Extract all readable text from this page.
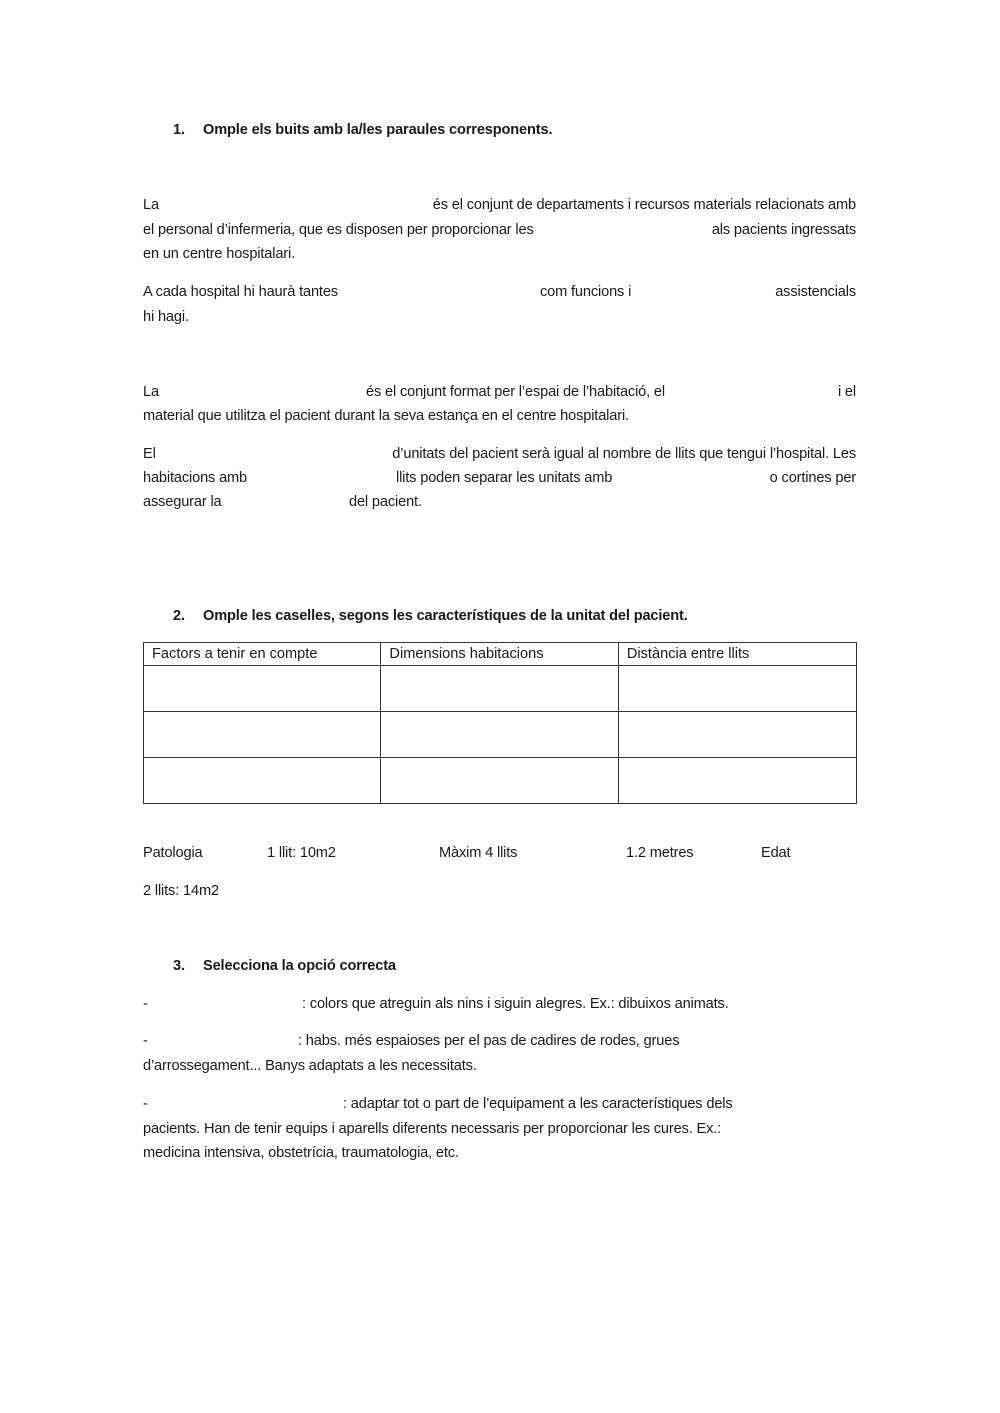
1. Omple els buits amb la/les paraules corresponents.
La	és el conjunt de departaments i recursos materials relacionats amb
el personal d’infermeria, que es disposen per proporcionar les	als pacients ingressats
en un centre hospitalari.
A cada hospital hi haurà tantes	com funcions i	assistencials
hi hagi.
La	és el conjunt format per l’espai de l’habitació, el	i el
material que utilitza el pacient durant la seva estança en el centre hospitalari.
El	d’unitats del pacient serà igual al nombre de llits que tengui l’hospital. Les
habitacions amb	llits poden separar les unitats amb	o cortines per
assegurar la	del pacient.
2. Omple les caselles, segons les característiques de la unitat del pacient.
Factors a tenir en compte	Dimensions habitacions	Distància entre llits

Patologia	1 llit: 10m2	Màxim 4 llits	1.2 metres	Edat
2 llits: 14m2
3. Selecciona la opció correcta
-	: colors que atreguin als nins i siguin alegres. Ex.: dibuixos animats.
-	: habs. més espaioses per el pas de cadires de rodes, grues
d’arrossegament... Banys adaptats a les necessitats.
-	: adaptar tot o part de l’equipament a les característiques dels
pacients. Han de tenir equips i aparells diferents necessaris per proporcionar les cures. Ex.:
medicina intensiva, obstetrícia, traumatologia, etc.
